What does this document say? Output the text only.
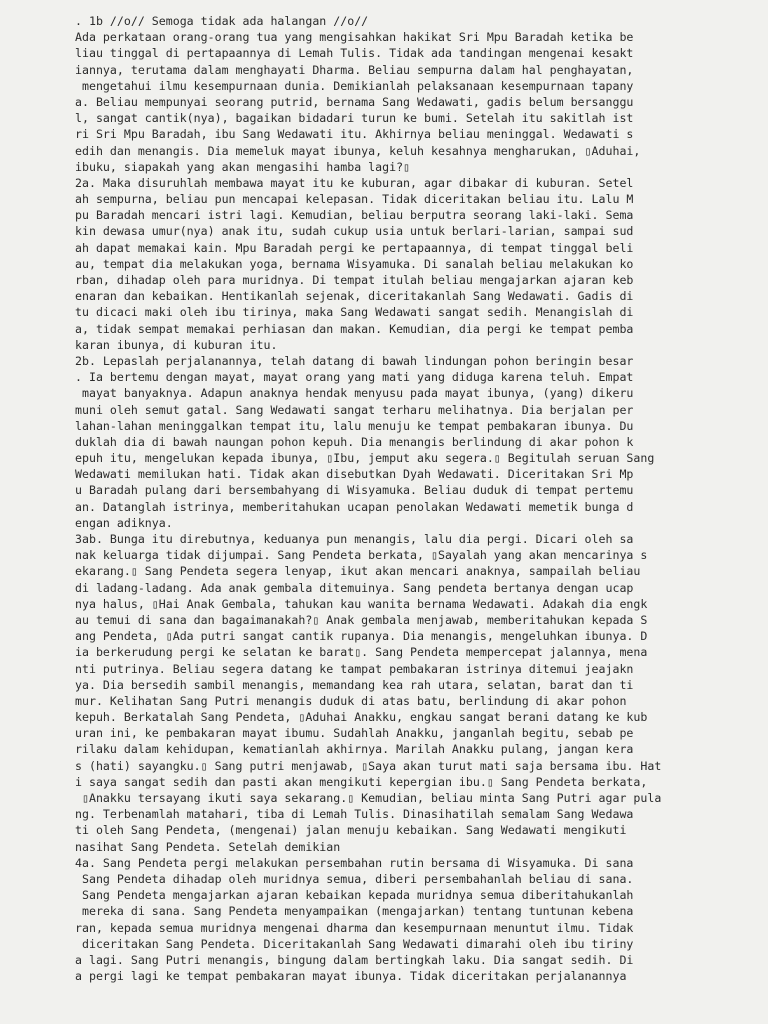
. 1b //o// Semoga tidak ada halangan //o//
Ada perkataan orang-orang tua yang mengisahkan hakikat Sri Mpu Baradah ketika be
liau tinggal di pertapaannya di Lemah Tulis. Tidak ada tandingan mengenai kesakt
iannya, terutama dalam menghayati Dharma. Beliau sempurna dalam hal penghayatan,
mengetahui ilmu kesempurnaan dunia. Demikianlah pelaksanaan kesempurnaan tapany
a. Beliau mempunyai seorang putrid, bernama Sang Wedawati, gadis belum bersanggu
l, sangat cantik(nya), bagaikan bidadari turun ke bumi. Setelah itu sakitlah ist
ri Sri Mpu Baradah, ibu Sang Wedawati itu. Akhirnya beliau meninggal. Wedawati s
edih dan menangis. Dia memeluk mayat ibunya, keluh kesahnya mengharukan, ▯Aduhai,
ibuku, siapakah yang akan mengasihi hamba lagi?▯
2a. Maka disuruhlah membawa mayat itu ke kuburan, agar dibakar di kuburan. Setel
ah sempurna, beliau pun mencapai kelepasan. Tidak diceritakan beliau itu. Lalu M
pu Baradah mencari istri lagi. Kemudian, beliau berputra seorang laki-laki. Sema
kin dewasa umur(nya) anak itu, sudah cukup usia untuk berlari-larian, sampai sud
ah dapat memakai kain. Mpu Baradah pergi ke pertapaannya, di tempat tinggal beli
au, tempat dia melakukan yoga, bernama Wisyamuka. Di sanalah beliau melakukan ko
rban, dihadap oleh para muridnya. Di tempat itulah beliau mengajarkan ajaran keb
enaran dan kebaikan. Hentikanlah sejenak, diceritakanlah Sang Wedawati. Gadis di
tu dicaci maki oleh ibu tirinya, maka Sang Wedawati sangat sedih. Menangislah di
a, tidak sempat memakai perhiasan dan makan. Kemudian, dia pergi ke tempat pemba
karan ibunya, di kuburan itu.
2b. Lepaslah perjalanannya, telah datang di bawah lindungan pohon beringin besar
. Ia bertemu dengan mayat, mayat orang yang mati yang diduga karena teluh. Empat
mayat banyaknya. Adapun anaknya hendak menyusu pada mayat ibunya, (yang) dikeru
muni oleh semut gatal. Sang Wedawati sangat terharu melihatnya. Dia berjalan per
lahan-lahan meninggalkan tempat itu, lalu menuju ke tempat pembakaran ibunya. Du
duklah dia di bawah naungan pohon kepuh. Dia menangis berlindung di akar pohon k
epuh itu, mengelukan kepada ibunya, ▯Ibu, jemput aku segera.▯ Begitulah seruan Sang
Wedawati memilukan hati. Tidak akan disebutkan Dyah Wedawati. Diceritakan Sri Mp
u Baradah pulang dari bersembahyang di Wisyamuka. Beliau duduk di tempat pertemu
an. Datanglah istrinya, memberitahukan ucapan penolakan Wedawati memetik bunga d
engan adiknya.
3ab. Bunga itu direbutnya, keduanya pun menangis, lalu dia pergi. Dicari oleh sa
nak keluarga tidak dijumpai. Sang Pendeta berkata, ▯Sayalah yang akan mencarinya s
ekarang.▯ Sang Pendeta segera lenyap, ikut akan mencari anaknya, sampailah beliau
di ladang-ladang. Ada anak gembala ditemuinya. Sang pendeta bertanya dengan ucap
nya halus, ▯Hai Anak Gembala, tahukan kau wanita bernama Wedawati. Adakah dia engk
au temui di sana dan bagaimanakah?▯ Anak gembala menjawab, memberitahukan kepada S
ang Pendeta, ▯Ada putri sangat cantik rupanya. Dia menangis, mengeluhkan ibunya. D
ia berkerudung pergi ke selatan ke barat▯. Sang Pendeta mempercepat jalannya, mena
nti putrinya. Beliau segera datang ke tampat pembakaran istrinya ditemui jeajakn
ya. Dia bersedih sambil menangis, memandang kea rah utara, selatan, barat dan ti
mur. Kelihatan Sang Putri menangis duduk di atas batu, berlindung di akar pohon
kepuh. Berkatalah Sang Pendeta, ▯Aduhai Anakku, engkau sangat berani datang ke kub
uran ini, ke pembakaran mayat ibumu. Sudahlah Anakku, janganlah begitu, sebab pe
rilaku dalam kehidupan, kematianlah akhirnya. Marilah Anakku pulang, jangan kera
s (hati) sayangku.▯ Sang putri menjawab, ▯Saya akan turut mati saja bersama ibu. Hat
i saya sangat sedih dan pasti akan mengikuti kepergian ibu.▯ Sang Pendeta berkata,
▯Anakku tersayang ikuti saya sekarang.▯ Kemudian, beliau minta Sang Putri agar pula
ng. Terbenamlah matahari, tiba di Lemah Tulis. Dinasihatilah semalam Sang Wedawa
ti oleh Sang Pendeta, (mengenai) jalan menuju kebaikan. Sang Wedawati mengikuti
nasihat Sang Pendeta. Setelah demikian
4a. Sang Pendeta pergi melakukan persembahan rutin bersama di Wisyamuka. Di sana
Sang Pendeta dihadap oleh muridnya semua, diberi persembahanlah beliau di sana.
Sang Pendeta mengajarkan ajaran kebaikan kepada muridnya semua diberitahukanlah
mereka di sana. Sang Pendeta menyampaikan (mengajarkan) tentang tuntunan kebena
ran, kepada semua muridnya mengenai dharma dan kesempurnaan menuntut ilmu. Tidak
diceritakan Sang Pendeta. Diceritakanlah Sang Wedawati dimarahi oleh ibu tiriny
a lagi. Sang Putri menangis, bingung dalam bertingkah laku. Dia sangat sedih. Di
a pergi lagi ke tempat pembakaran mayat ibunya. Tidak diceritakan perjalanannya
